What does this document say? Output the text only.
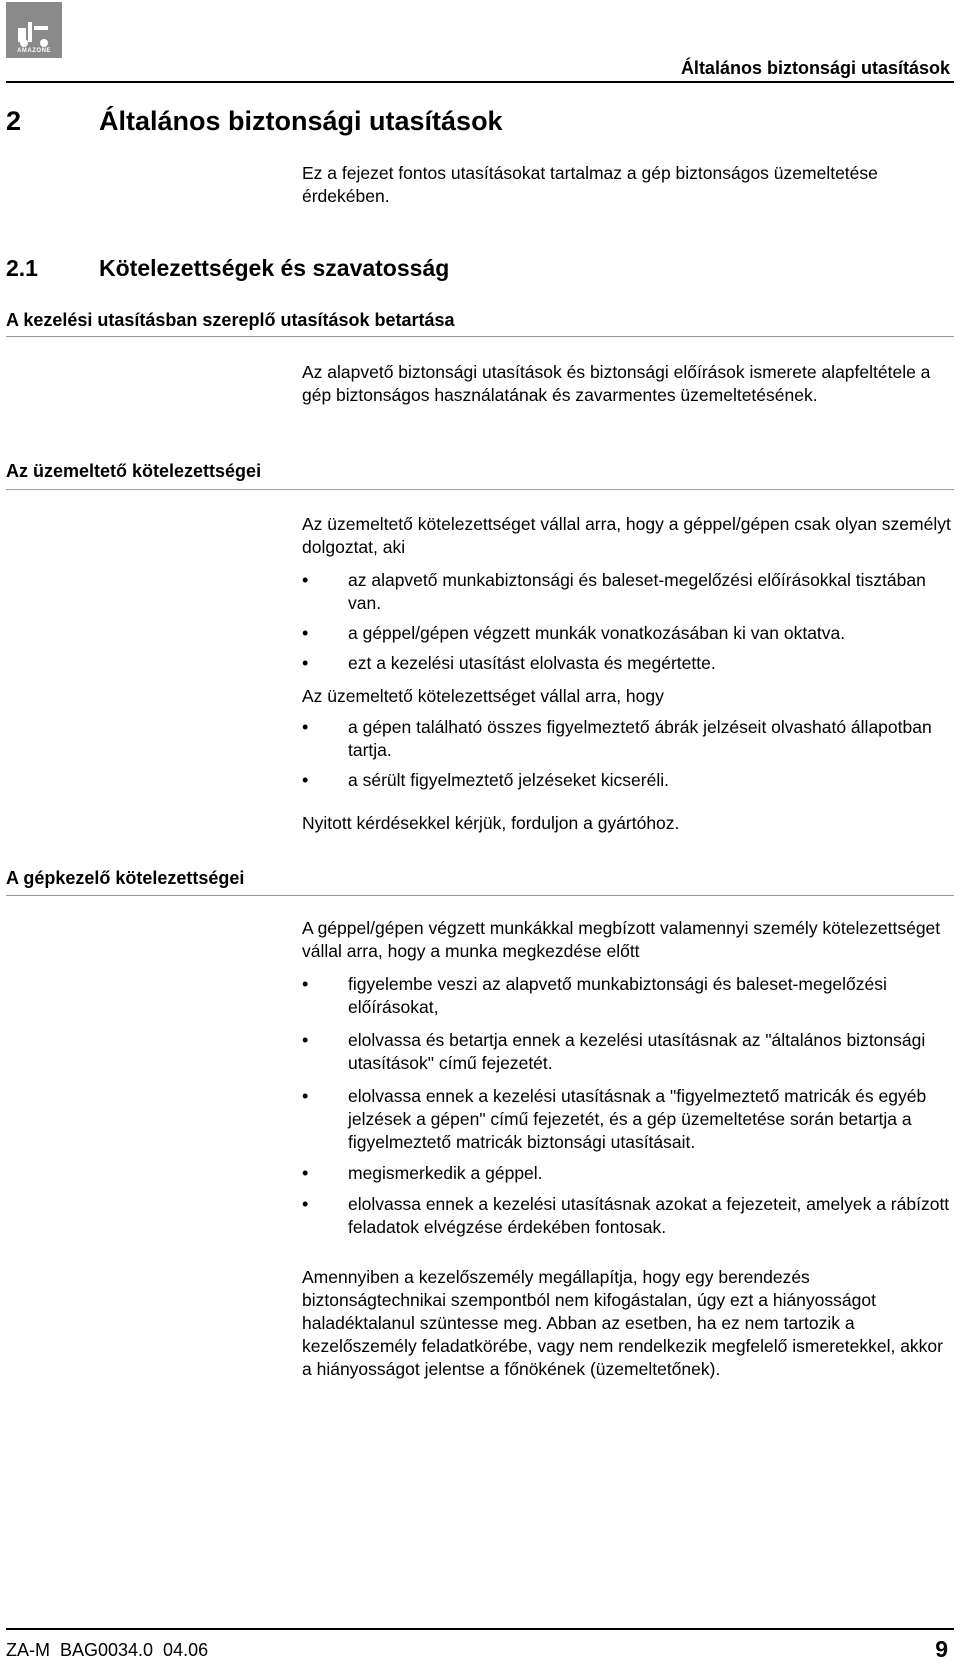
AMAZONE
Általános biztonsági utasítások
2	Általános biztonsági utasítások
Ez a fejezet fontos utasításokat tartalmaz a gép biztonságos üzemeltetése érdekében.
2.1	Kötelezettségek és szavatosság
A kezelési utasításban szereplő utasítások betartása
Az alapvető biztonsági utasítások és biztonsági előírások ismerete alapfeltétele a gép biztonságos használatának és zavarmentes üzemeltetésének.
Az üzemeltető kötelezettségei
Az üzemeltető kötelezettséget vállal arra, hogy a géppel/gépen csak olyan személyt dolgoztat, aki
• az alapvető munkabiztonsági és baleset-megelőzési előírásokkal tisztában van.
• a géppel/gépen végzett munkák vonatkozásában ki van oktatva.
• ezt a kezelési utasítást elolvasta és megértette.
Az üzemeltető kötelezettséget vállal arra, hogy
• a gépen található összes figyelmeztető ábrák jelzéseit olvasható állapotban tartja.
• a sérült figyelmeztető jelzéseket kicseréli.
Nyitott kérdésekkel kérjük, forduljon a gyártóhoz.
A gépkezelő kötelezettségei
A géppel/gépen végzett munkákkal megbízott valamennyi személy kötelezettséget vállal arra, hogy a munka megkezdése előtt
• figyelembe veszi az alapvető munkabiztonsági és baleset-megelőzési előírásokat,
• elolvassa és betartja ennek a kezelési utasításnak az "általános biztonsági utasítások" című fejezetét.
• elolvassa ennek a kezelési utasításnak a "figyelmeztető matricák és egyéb jelzések a gépen" című fejezetét, és a gép üzemeltetése során betartja a figyelmeztető matricák biztonsági utasításait.
• megismerkedik a géppel.
• elolvassa ennek a kezelési utasításnak azokat a fejezeteit, amelyek a rábízott feladatok elvégzése érdekében fontosak.
Amennyiben a kezelőszemély megállapítja, hogy egy berendezés biztonságtechnikai szempontból nem kifogástalan, úgy ezt a hiányosságot haladéktalanul szüntesse meg. Abban az esetben, ha ez nem tartozik a kezelőszemély feladatkörébe, vagy nem rendelkezik megfelelő ismeretekkel, akkor a hiányosságot jelentse a főnökének (üzemeltetőnek).
ZA-M  BAG0034.0  04.06	9
